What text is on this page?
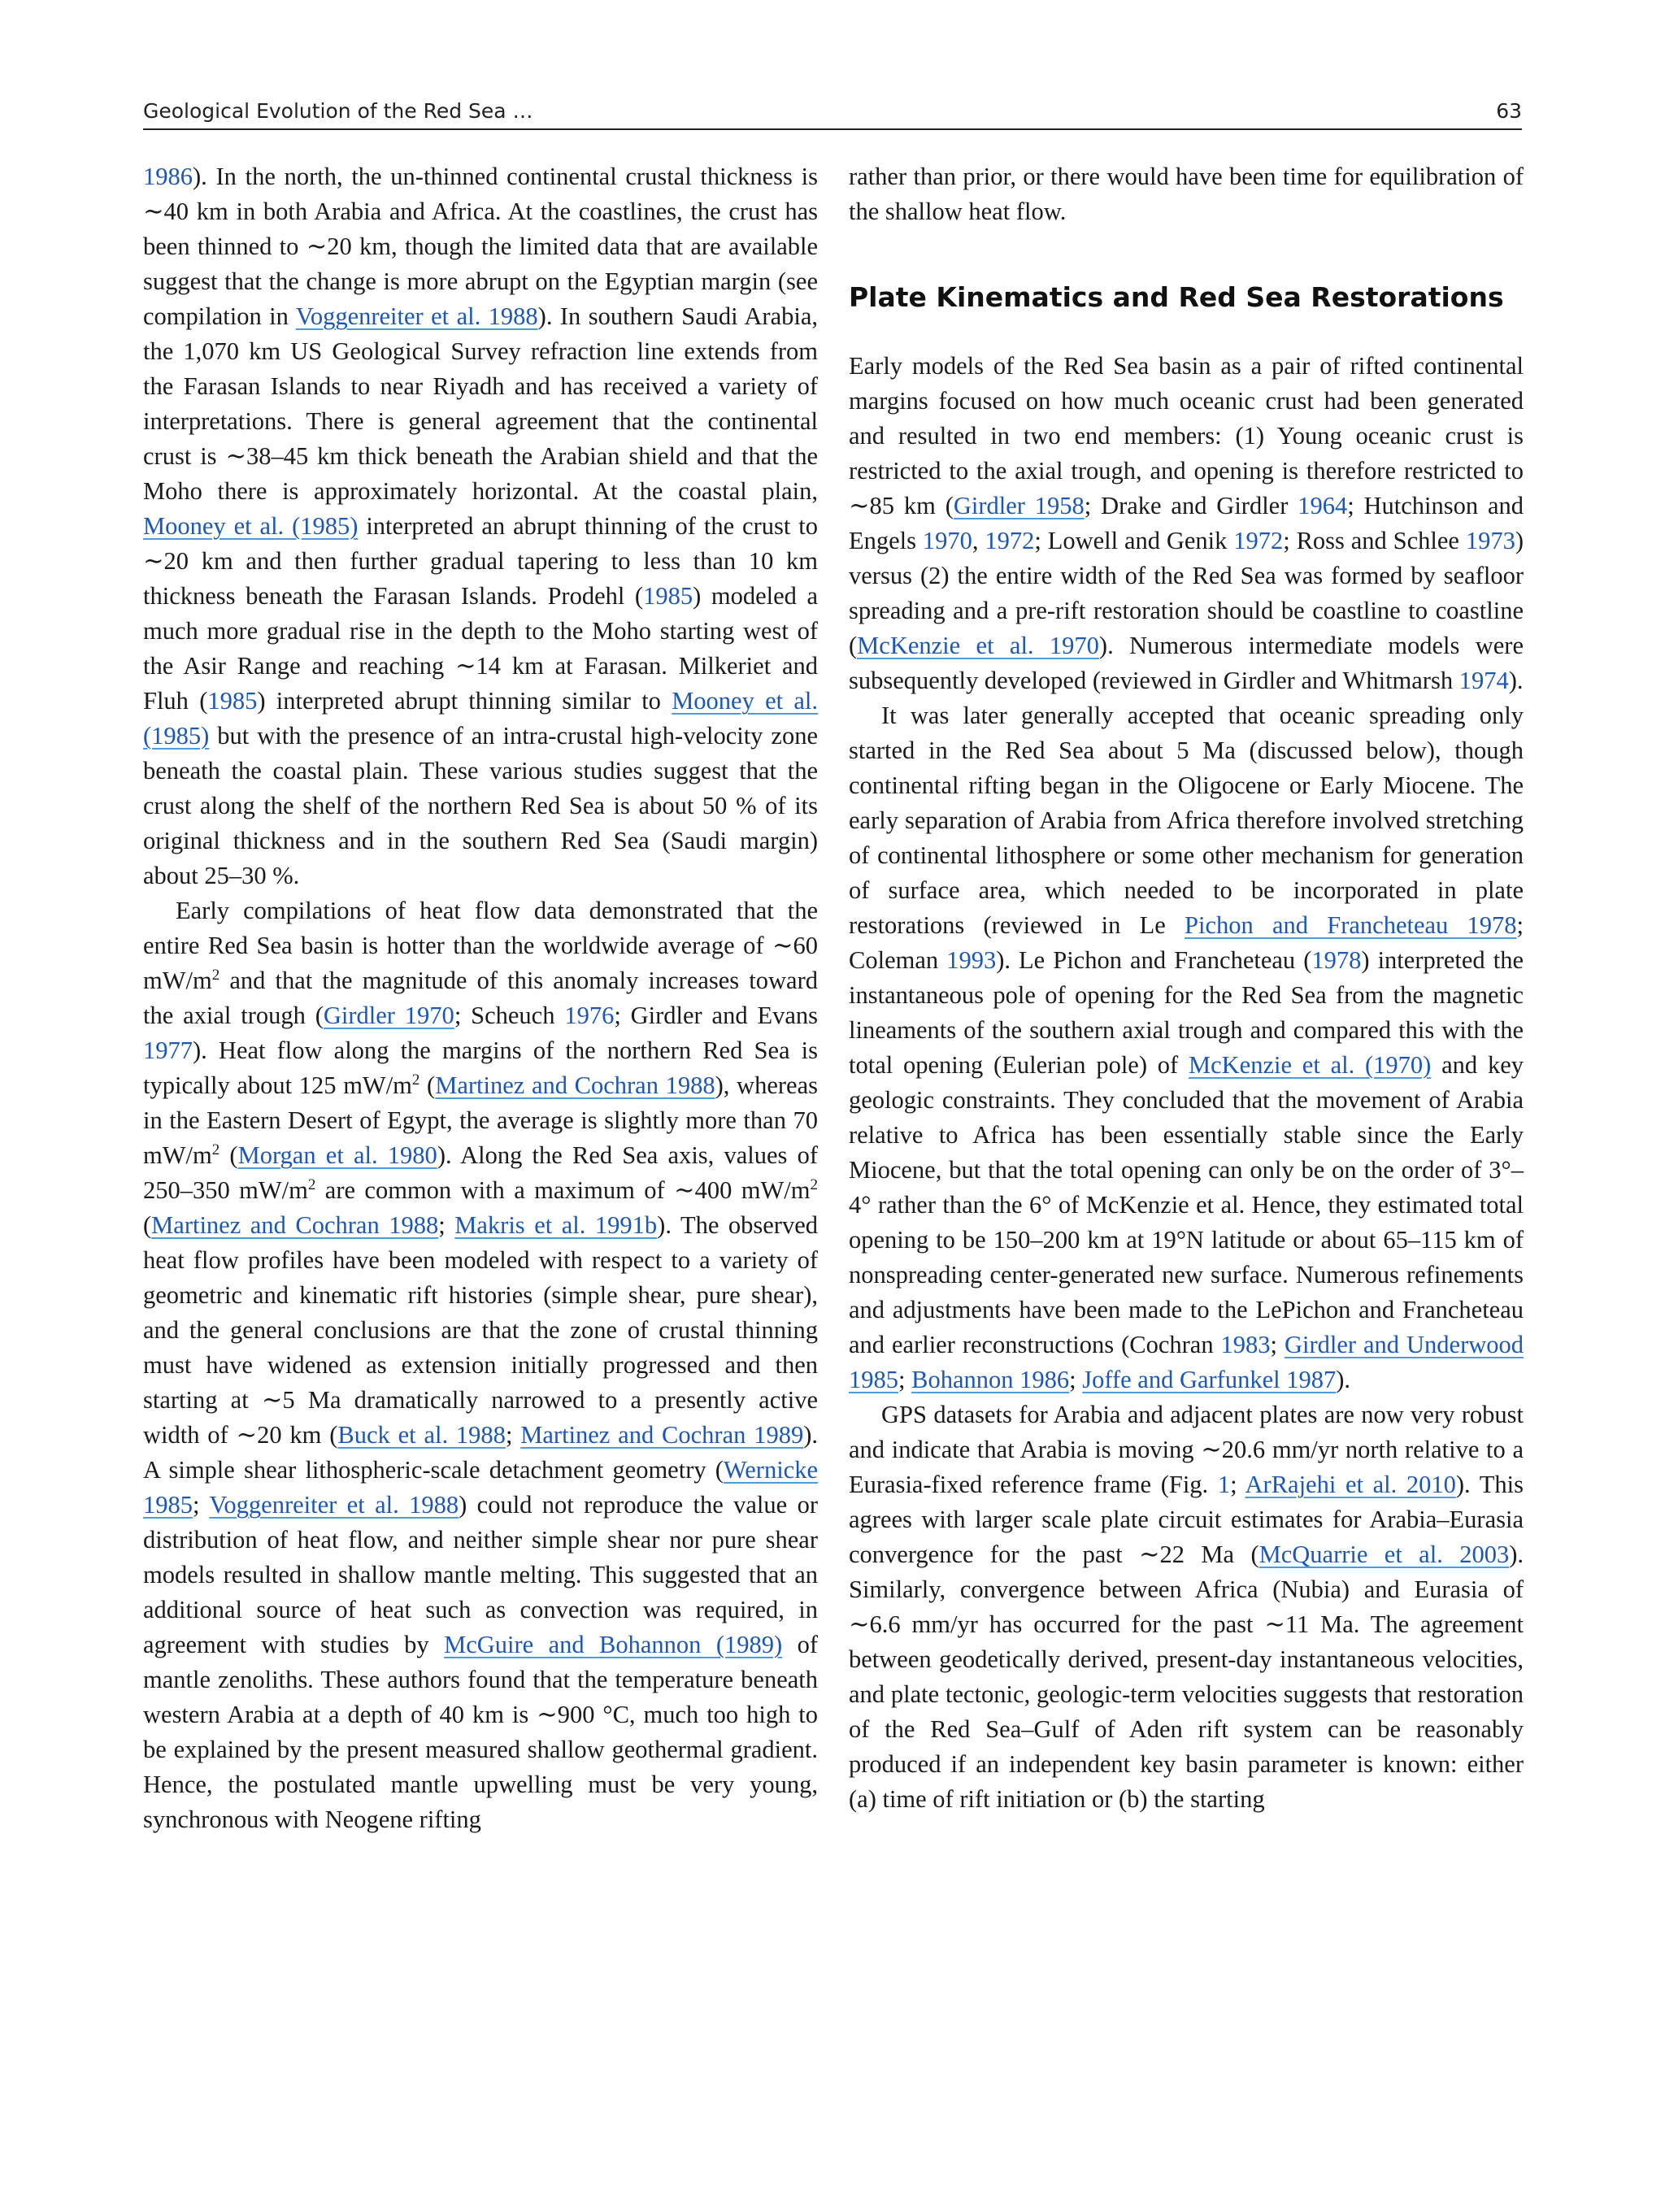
Geological Evolution of the Red Sea …	63

1986). In the north, the un-thinned continental crustal thickness is ∼40 km in both Arabia and Africa. At the coastlines, the crust has been thinned to ∼20 km, though the limited data that are available suggest that the change is more abrupt on the Egyptian margin (see compilation in Voggenreiter et al. 1988). In southern Saudi Arabia, the 1,070 km US Geological Survey refraction line extends from the Farasan Islands to near Riyadh and has received a variety of interpretations. There is general agreement that the continental crust is ∼38–45 km thick beneath the Arabian shield and that the Moho there is approximately horizontal. At the coastal plain, Mooney et al. (1985) interpreted an abrupt thinning of the crust to ∼20 km and then further gradual tapering to less than 10 km thickness beneath the Farasan Islands. Prodehl (1985) modeled a much more gradual rise in the depth to the Moho starting west of the Asir Range and reaching ∼14 km at Farasan. Milkeriet and Fluh (1985) interpreted abrupt thinning similar to Mooney et al. (1985) but with the presence of an intra-crustal high-velocity zone beneath the coastal plain. These various studies suggest that the crust along the shelf of the northern Red Sea is about 50 % of its original thickness and in the southern Red Sea (Saudi margin) about 25–30 %.

Early compilations of heat flow data demonstrated that the entire Red Sea basin is hotter than the worldwide average of ∼60 $mW/m^2$ and that the magnitude of this anomaly increases toward the axial trough (Girdler 1970; Scheuch 1976; Girdler and Evans 1977). Heat flow along the margins of the northern Red Sea is typically about 125 $mW/m^2$ (Martinez and Cochran 1988), whereas in the Eastern Desert of Egypt, the average is slightly more than 70 $mW/m^2$ (Morgan et al. 1980). Along the Red Sea axis, values of 250–350 $mW/m^2$ are common with a maximum of ∼400 $mW/m^2$ (Martinez and Cochran 1988; Makris et al. 1991b). The observed heat flow profiles have been modeled with respect to a variety of geometric and kinematic rift histories (simple shear, pure shear), and the general conclusions are that the zone of crustal thinning must have widened as extension initially progressed and then starting at ∼5 Ma dramatically narrowed to a presently active width of ∼20 km (Buck et al. 1988; Martinez and Cochran 1989). A simple shear lithospheric-scale detachment geometry (Wernicke 1985; Voggenreiter et al. 1988) could not reproduce the value or distribution of heat flow, and neither simple shear nor pure shear models resulted in shallow mantle melting. This suggested that an additional source of heat such as convection was required, in agreement with studies by McGuire and Bohannon (1989) of mantle zenoliths. These authors found that the temperature beneath western Arabia at a depth of 40 km is ∼900 °C, much too high to be explained by the present measured shallow geothermal gradient. Hence, the postulated mantle upwelling must be very young, synchronous with Neogene rifting

rather than prior, or there would have been time for equilibration of the shallow heat flow.

Plate Kinematics and Red Sea Restorations

Early models of the Red Sea basin as a pair of rifted continental margins focused on how much oceanic crust had been generated and resulted in two end members: (1) Young oceanic crust is restricted to the axial trough, and opening is therefore restricted to ∼85 km (Girdler 1958; Drake and Girdler 1964; Hutchinson and Engels 1970, 1972; Lowell and Genik 1972; Ross and Schlee 1973) versus (2) the entire width of the Red Sea was formed by seafloor spreading and a pre-rift restoration should be coastline to coastline (McKenzie et al. 1970). Numerous intermediate models were subsequently developed (reviewed in Girdler and Whitmarsh 1974).

It was later generally accepted that oceanic spreading only started in the Red Sea about 5 Ma (discussed below), though continental rifting began in the Oligocene or Early Miocene. The early separation of Arabia from Africa therefore involved stretching of continental lithosphere or some other mechanism for generation of surface area, which needed to be incorporated in plate restorations (reviewed in Le Pichon and Francheteau 1978; Coleman 1993). Le Pichon and Francheteau (1978) interpreted the instantaneous pole of opening for the Red Sea from the magnetic lineaments of the southern axial trough and compared this with the total opening (Eulerian pole) of McKenzie et al. (1970) and key geologic constraints. They concluded that the movement of Arabia relative to Africa has been essentially stable since the Early Miocene, but that the total opening can only be on the order of 3°–4° rather than the 6° of McKenzie et al. Hence, they estimated total opening to be 150–200 km at 19°N latitude or about 65–115 km of nonspreading center-generated new surface. Numerous refinements and adjustments have been made to the LePichon and Francheteau and earlier reconstructions (Cochran 1983; Girdler and Underwood 1985; Bohannon 1986; Joffe and Garfunkel 1987).

GPS datasets for Arabia and adjacent plates are now very robust and indicate that Arabia is moving ∼20.6 mm/yr north relative to a Eurasia-fixed reference frame (Fig. 1; ArRajehi et al. 2010). This agrees with larger scale plate circuit estimates for Arabia–Eurasia convergence for the past ∼22 Ma (McQuarrie et al. 2003). Similarly, convergence between Africa (Nubia) and Eurasia of ∼6.6 mm/yr has occurred for the past ∼11 Ma. The agreement between geodetically derived, present-day instantaneous velocities, and plate tectonic, geologic-term velocities suggests that restoration of the Red Sea–Gulf of Aden rift system can be reasonably produced if an independent key basin parameter is known: either (a) time of rift initiation or (b) the starting
